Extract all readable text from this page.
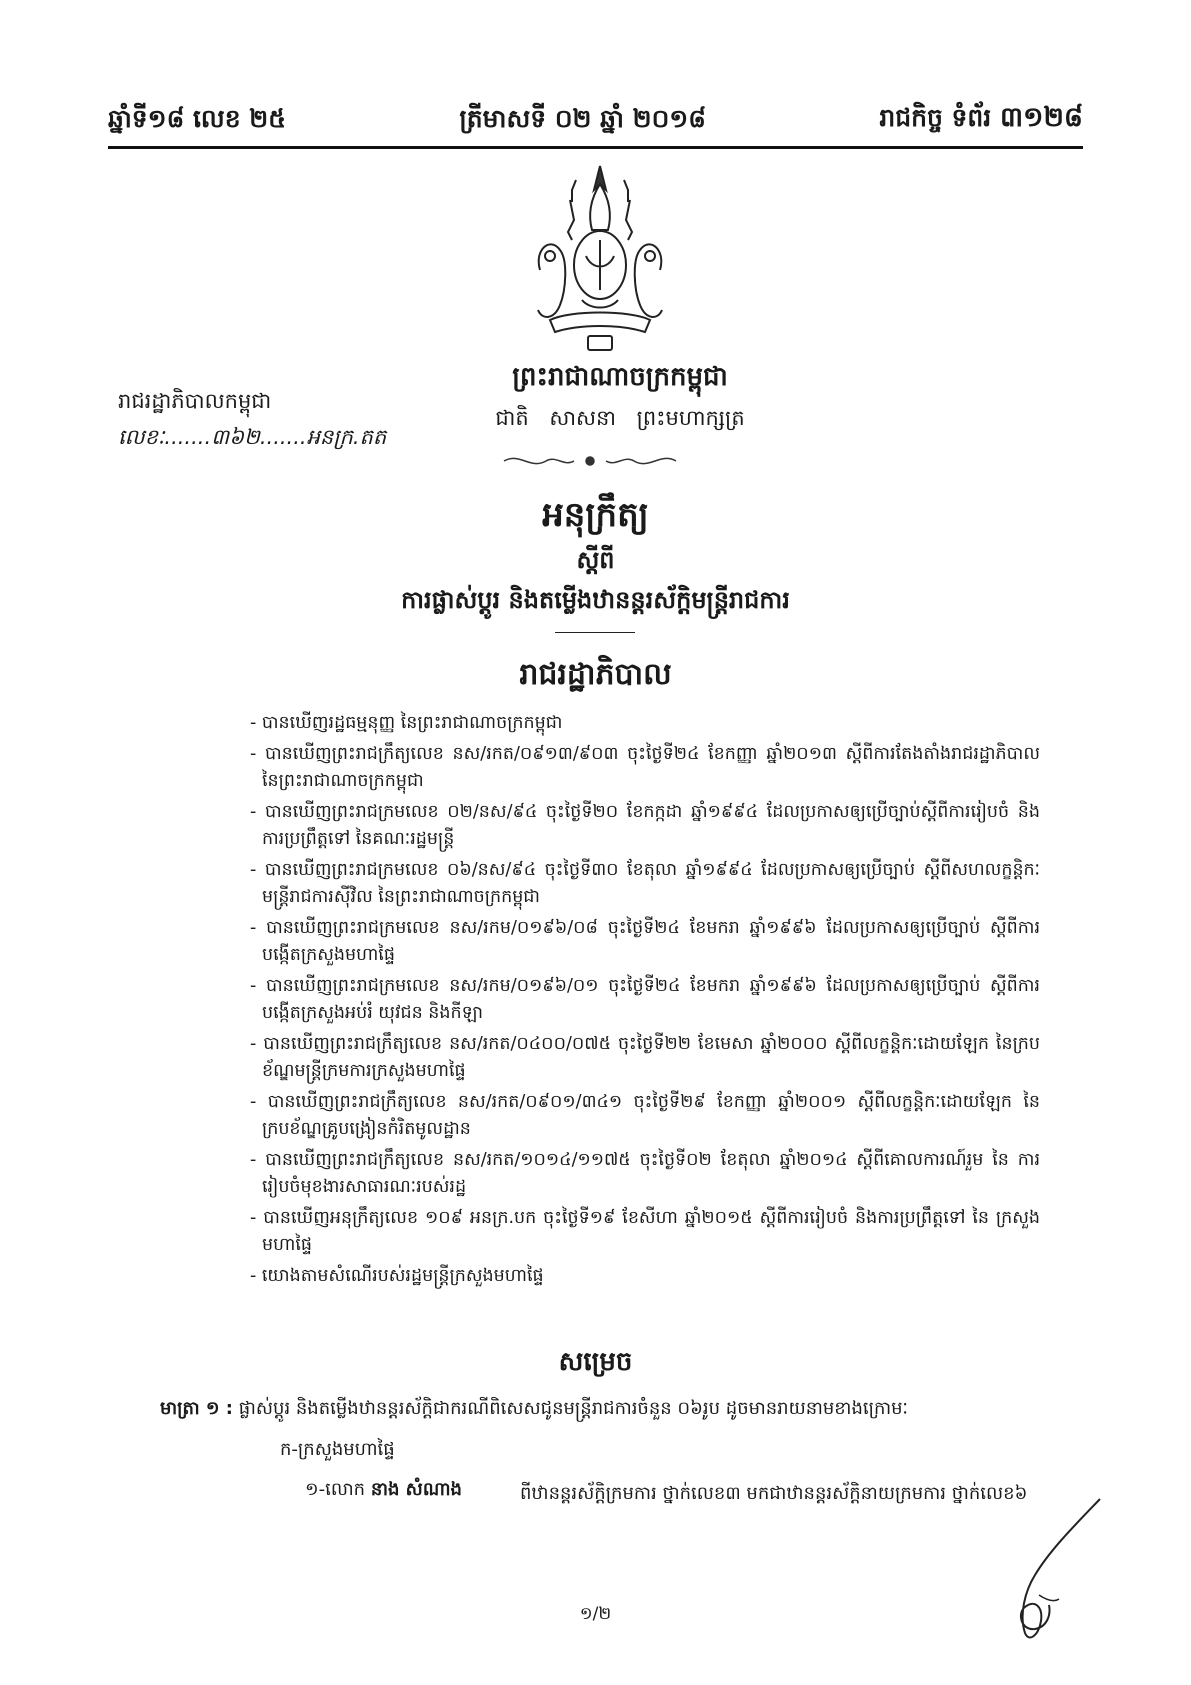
ឆ្នាំទី១៨ លេខ ២៥	ត្រីមាសទី ០២ ឆ្នាំ ២០១៨	រាជកិច្ច ទំព័រ ៣១២៨
ព្រះរាជាណាចក្រកម្ពុជា
ជាតិ សាសនា ព្រះមហាក្សត្រ
រាជរដ្ឋាភិបាលកម្ពុជា
លេខៈ.......៣៦២.......អនក្រ.តត
អនុក្រឹត្យ
ស្តីពី
ការផ្លាស់ប្តូរ និងតម្លើងឋានន្តរស័ក្តិមន្ត្រីរាជការ
រាជរដ្ឋាភិបាល
- បានឃើញរដ្ឋធម្មនុញ្ញ នៃព្រះរាជាណាចក្រកម្ពុជា
- បានឃើញព្រះរាជក្រឹត្យលេខ នស/រកត/០៩១៣/៩០៣ ចុះថ្ងៃទី២៤ ខែកញ្ញា ឆ្នាំ២០១៣ ស្តីពីការតែងតាំងរាជរដ្ឋាភិបាល នៃព្រះរាជាណាចក្រកម្ពុជា
- បានឃើញព្រះរាជក្រមលេខ ០២/នស/៩៤ ចុះថ្ងៃទី២០ ខែកក្កដា ឆ្នាំ១៩៩៤ ដែលប្រកាសឲ្យប្រើច្បាប់ស្តីពីការរៀបចំ និងការប្រព្រឹត្តទៅ នៃគណៈរដ្ឋមន្ត្រី
- បានឃើញព្រះរាជក្រមលេខ ០៦/នស/៩៤ ចុះថ្ងៃទី៣០ ខែតុលា ឆ្នាំ១៩៩៤ ដែលប្រកាសឲ្យប្រើច្បាប់ ស្តីពីសហលក្ខន្តិកៈ មន្ត្រីរាជការស៊ីវិល នៃព្រះរាជាណាចក្រកម្ពុជា
- បានឃើញព្រះរាជក្រមលេខ នស/រកម/០១៩៦/០៨ ចុះថ្ងៃទី២៤ ខែមករា ឆ្នាំ១៩៩៦ ដែលប្រកាសឲ្យប្រើច្បាប់ ស្តីពីការបង្កើតក្រសួងមហាផ្ទៃ
- បានឃើញព្រះរាជក្រមលេខ នស/រកម/០១៩៦/០១ ចុះថ្ងៃទី២៤ ខែមករា ឆ្នាំ១៩៩៦ ដែលប្រកាសឲ្យប្រើច្បាប់ ស្តីពីការបង្កើតក្រសួងអប់រំ យុវជន និងកីឡា
- បានឃើញព្រះរាជក្រឹត្យលេខ នស/រកត/០៤០០/០៧៥ ចុះថ្ងៃទី២២ ខែមេសា ឆ្នាំ២០០០ ស្តីពីលក្ខន្តិកៈដោយឡែក នៃក្របខ័ណ្ឌមន្ត្រីក្រមការក្រសួងមហាផ្ទៃ
- បានឃើញព្រះរាជក្រឹត្យលេខ នស/រកត/០៩០១/៣៤១ ចុះថ្ងៃទី២៩ ខែកញ្ញា ឆ្នាំ២០០១ ស្តីពីលក្ខន្តិកៈដោយឡែក នៃក្របខ័ណ្ឌគ្រូបង្រៀនកំរិតមូលដ្ឋាន
- បានឃើញព្រះរាជក្រឹត្យលេខ នស/រកត/១០១៤/១១៧៥ ចុះថ្ងៃទី០២ ខែតុលា ឆ្នាំ២០១៤ ស្តីពីគោលការណ៍រួម នៃ ការរៀបចំមុខងារសាធារណៈរបស់រដ្ឋ
- បានឃើញអនុក្រឹត្យលេខ ១០៩ អនក្រ.បក ចុះថ្ងៃទី១៩ ខែសីហា ឆ្នាំ២០១៥ ស្តីពីការរៀបចំ និងការប្រព្រឹត្តទៅ នៃ ក្រសួងមហាផ្ទៃ
- យោងតាមសំណើរបស់រដ្ឋមន្ត្រីក្រសួងមហាផ្ទៃ
សម្រេច
មាត្រា ១ : ផ្លាស់ប្តូរ និងតម្លើងឋានន្តរស័ក្តិជាករណីពិសេសជូនមន្ត្រីរាជការចំនួន ០៦រូប ដូចមានរាយនាមខាងក្រោមៈ
ក-ក្រសួងមហាផ្ទៃ
១-លោក នាង សំណាង	ពីឋានន្តរស័ក្តិក្រមការ ថ្នាក់លេខ៣ មកជាឋានន្តរស័ក្តិនាយក្រមការ ថ្នាក់លេខ៦
១/២
